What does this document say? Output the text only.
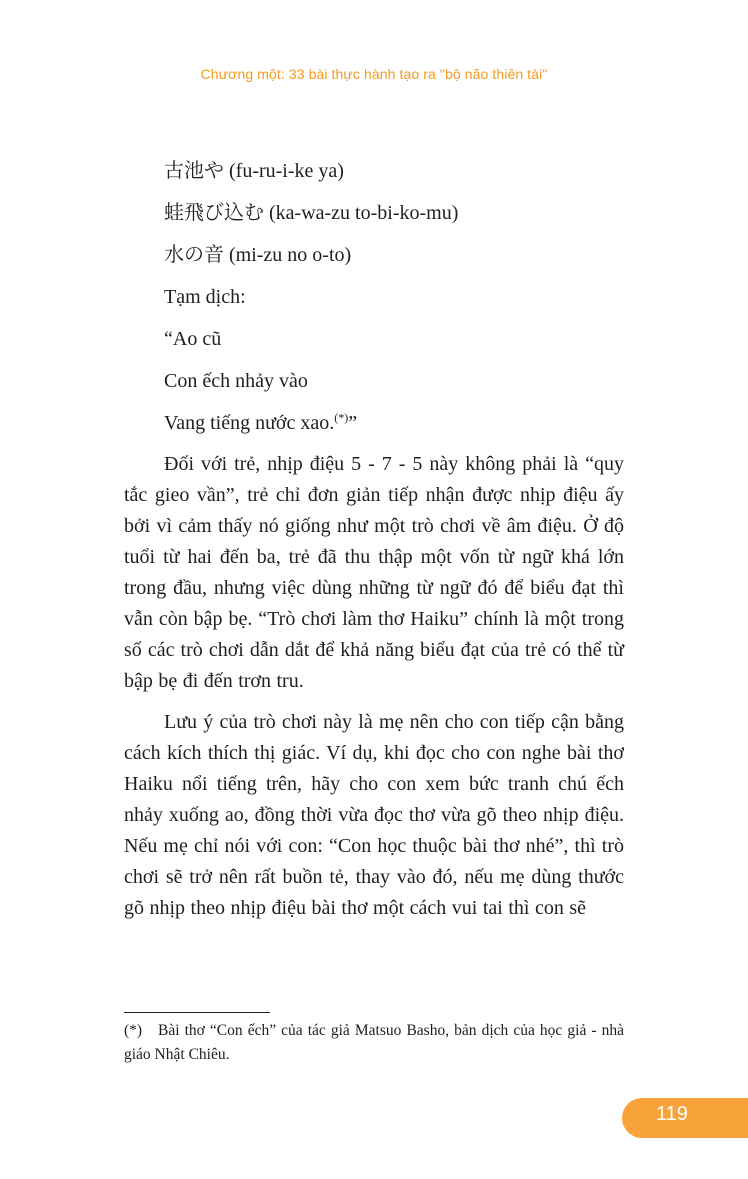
Chương một: 33 bài thực hành tạo ra "bộ não thiên tài"
古池や (fu-ru-i-ke ya)
蛙飛び込む (ka-wa-zu to-bi-ko-mu)
水の音 (mi-zu no o-to)
Tạm dịch:
“Ao cũ
Con ếch nhảy vào
Vang tiếng nước xao.(*)”

Đối với trẻ, nhịp điệu 5 - 7 - 5 này không phải là “quy tắc gieo vần”, trẻ chỉ đơn giản tiếp nhận được nhịp điệu ấy bởi vì cảm thấy nó giống như một trò chơi về âm điệu. Ở độ tuổi từ hai đến ba, trẻ đã thu thập một vốn từ ngữ khá lớn trong đầu, nhưng việc dùng những từ ngữ đó để biểu đạt thì vẫn còn bập bẹ. “Trò chơi làm thơ Haiku” chính là một trong số các trò chơi dẫn dắt để khả năng biểu đạt của trẻ có thể từ bập bẹ đi đến trơn tru.

Lưu ý của trò chơi này là mẹ nên cho con tiếp cận bằng cách kích thích thị giác. Ví dụ, khi đọc cho con nghe bài thơ Haiku nổi tiếng trên, hãy cho con xem bức tranh chú ếch nhảy xuống ao, đồng thời vừa đọc thơ vừa gõ theo nhịp điệu. Nếu mẹ chỉ nói với con: “Con học thuộc bài thơ nhé”, thì trò chơi sẽ trở nên rất buồn tẻ, thay vào đó, nếu mẹ dùng thước gõ nhịp theo nhịp điệu bài thơ một cách vui tai thì con sẽ

(*) Bài thơ “Con ếch” của tác giả Matsuo Basho, bản dịch của học giả - nhà giáo Nhật Chiêu.
119
